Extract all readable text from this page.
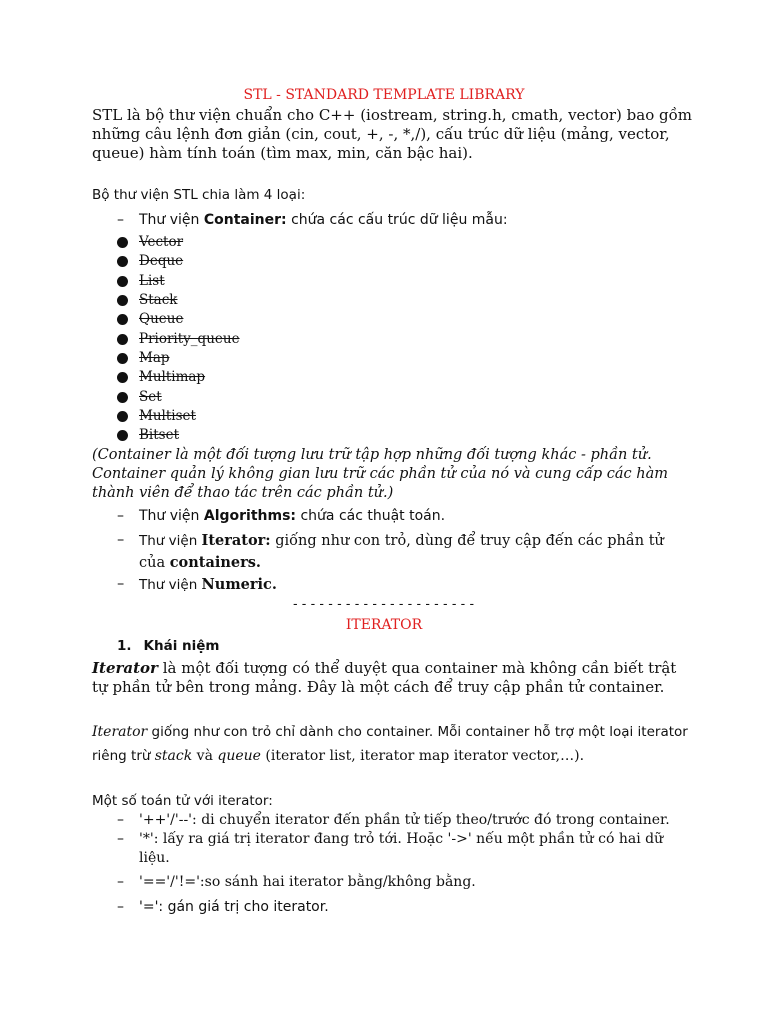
STL - STANDARD TEMPLATE LIBRARY
STL là bộ thư viện chuẩn cho C++ (iostream, string.h, cmath, vector) bao gồm những câu lệnh đơn giản (cin, cout, +, -, *,/), cấu trúc dữ liệu (mảng, vector, queue) hàm tính toán (tìm max, min, căn bậc hai).
Bộ thư viện STL chia làm 4 loại:
– Thư viện Container: chứa các cấu trúc dữ liệu mẫu:
Vector
Deque
List
Stack
Queue
Priority_queue
Map
Multimap
Set
Multiset
Bitset
(Container là một đối tượng lưu trữ tập hợp những đối tượng khác - phần tử. Container quản lý không gian lưu trữ các phần tử của nó và cung cấp các hàm thành viên để thao tác trên các phần tử.)
– Thư viện Algorithms: chứa các thuật toán.
– Thư viện Iterator: giống như con trỏ, dùng để truy cập đến các phần tử của containers.
– Thư viện Numeric.
---------------------
ITERATOR
1. Khái niệm
Iterator là một đối tượng có thể duyệt qua container mà không cần biết trật tự phần tử bên trong mảng. Đây là một cách để truy cập phần tử container.
Iterator giống như con trỏ chỉ dành cho container. Mỗi container hỗ trợ một loại iterator riêng trừ stack và queue (iterator list, iterator map iterator vector,…).
Một số toán tử với iterator:
– '++'/'--': di chuyển iterator đến phần tử tiếp theo/trước đó trong container.
– '*': lấy ra giá trị iterator đang trỏ tới. Hoặc '->' nếu một phần tử có hai dữ liệu.
– '=='/'!=':so sánh hai iterator bằng/không bằng.
– '=': gán giá trị cho iterator.
